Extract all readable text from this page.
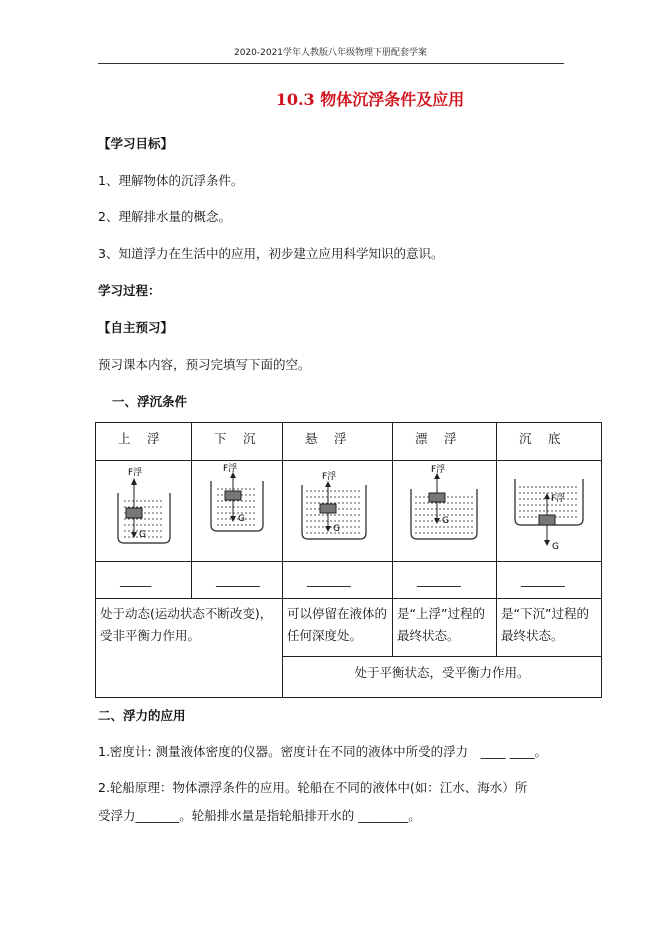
2020-2021学年人教版八年级物理下册配套学案
10.3 物体沉浮条件及应用
【学习目标】
1、理解物体的沉浮条件。
2、理解排水量的概念。
3、知道浮力在生活中的应用，初步建立应用科学知识的意识。
学习过程：
【自主预习】
预习课本内容，预习完填写下面的空。
一、浮沉条件
上　浮	下　沉	悬　浮	漂　浮	沉　底

F浮
G	F浮
G	F浮
G	F浮
G	F浮
G

_____	_______	_______	_______	_______

处于动态(运动状态不断改变)，受非平衡力作用。		可以停留在液体的任何深度处。	是“上浮”过程的最终状态。	是“下沉”过程的最终状态。

		处于平衡状态，受平衡力作用。		
二、浮力的应用
1.密度计: 测量液体密度的仪器。密度计在不同的液体中所受的浮力　____ ____。
2.轮船原理：物体漂浮条件的应用。轮船在不同的液体中(如：江水、海水）所
受浮力_______。轮船排水量是指轮船排开水的 ________。
